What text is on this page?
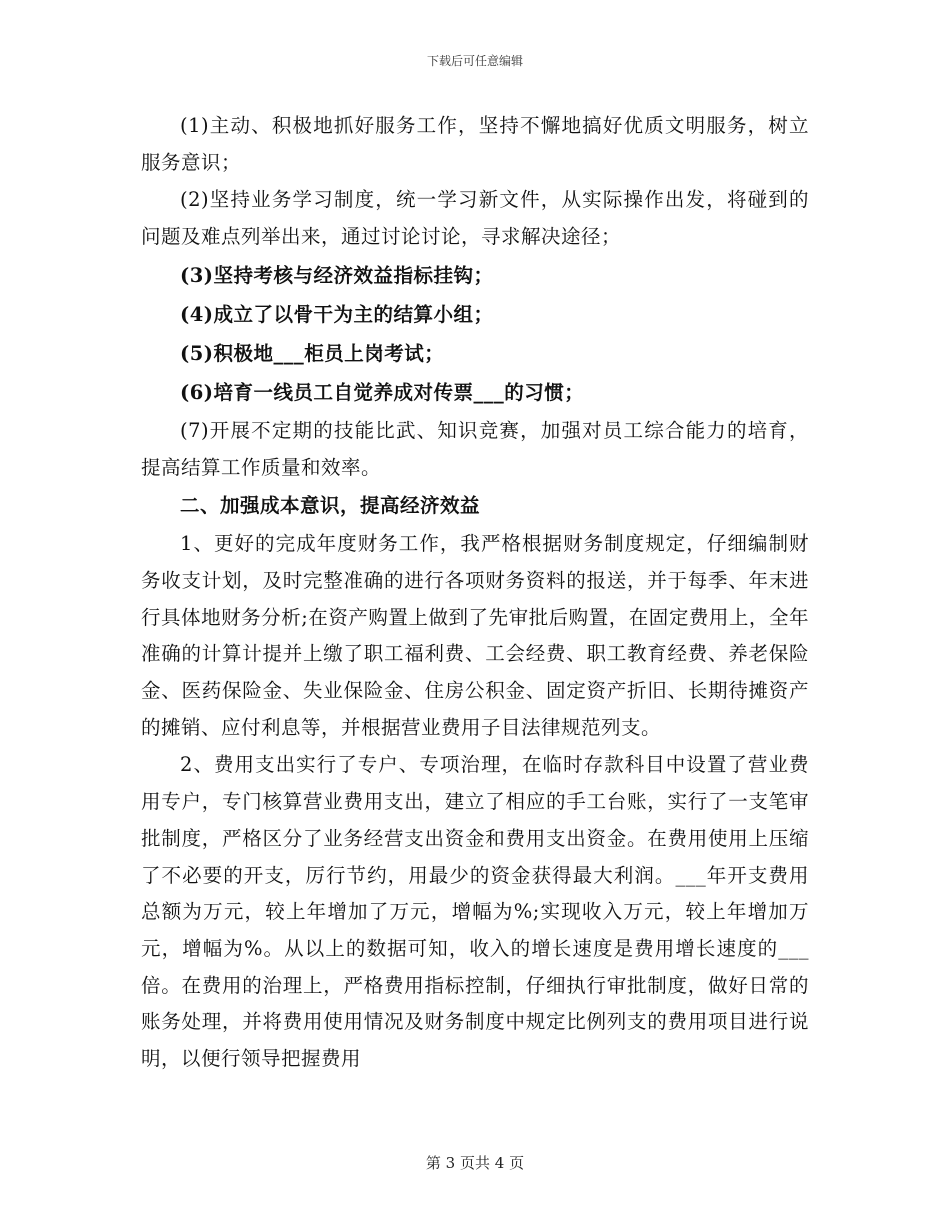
下载后可任意编辑

(1)主动、积极地抓好服务工作，坚持不懈地搞好优质文明服务，树立服务意识；

(2)坚持业务学习制度，统一学习新文件，从实际操作出发，将碰到的问题及难点列举出来，通过讨论讨论，寻求解决途径；

(3)坚持考核与经济效益指标挂钩；

(4)成立了以骨干为主的结算小组；

(5)积极地___柜员上岗考试；

(6)培育一线员工自觉养成对传票___的习惯；

(7)开展不定期的技能比武、知识竞赛，加强对员工综合能力的培育，提高结算工作质量和效率。

二、加强成本意识，提高经济效益

1、更好的完成年度财务工作，我严格根据财务制度规定，仔细编制财务收支计划，及时完整准确的进行各项财务资料的报送，并于每季、年末进行具体地财务分析;在资产购置上做到了先审批后购置，在固定费用上，全年准确的计算计提并上缴了职工福利费、工会经费、职工教育经费、养老保险金、医药保险金、失业保险金、住房公积金、固定资产折旧、长期待摊资产的摊销、应付利息等，并根据营业费用子目法律规范列支。

2、费用支出实行了专户、专项治理，在临时存款科目中设置了营业费用专户，专门核算营业费用支出，建立了相应的手工台账，实行了一支笔审批制度，严格区分了业务经营支出资金和费用支出资金。在费用使用上压缩了不必要的开支，厉行节约，用最少的资金获得最大利润。___年开支费用总额为万元，较上年增加了万元，增幅为%;实现收入万元，较上年增加万元，增幅为%。从以上的数据可知，收入的增长速度是费用增长速度的___倍。在费用的治理上，严格费用指标控制，仔细执行审批制度，做好日常的账务处理，并将费用使用情况及财务制度中规定比例列支的费用项目进行说明，以便行领导把握费用

第 3 页共 4 页
